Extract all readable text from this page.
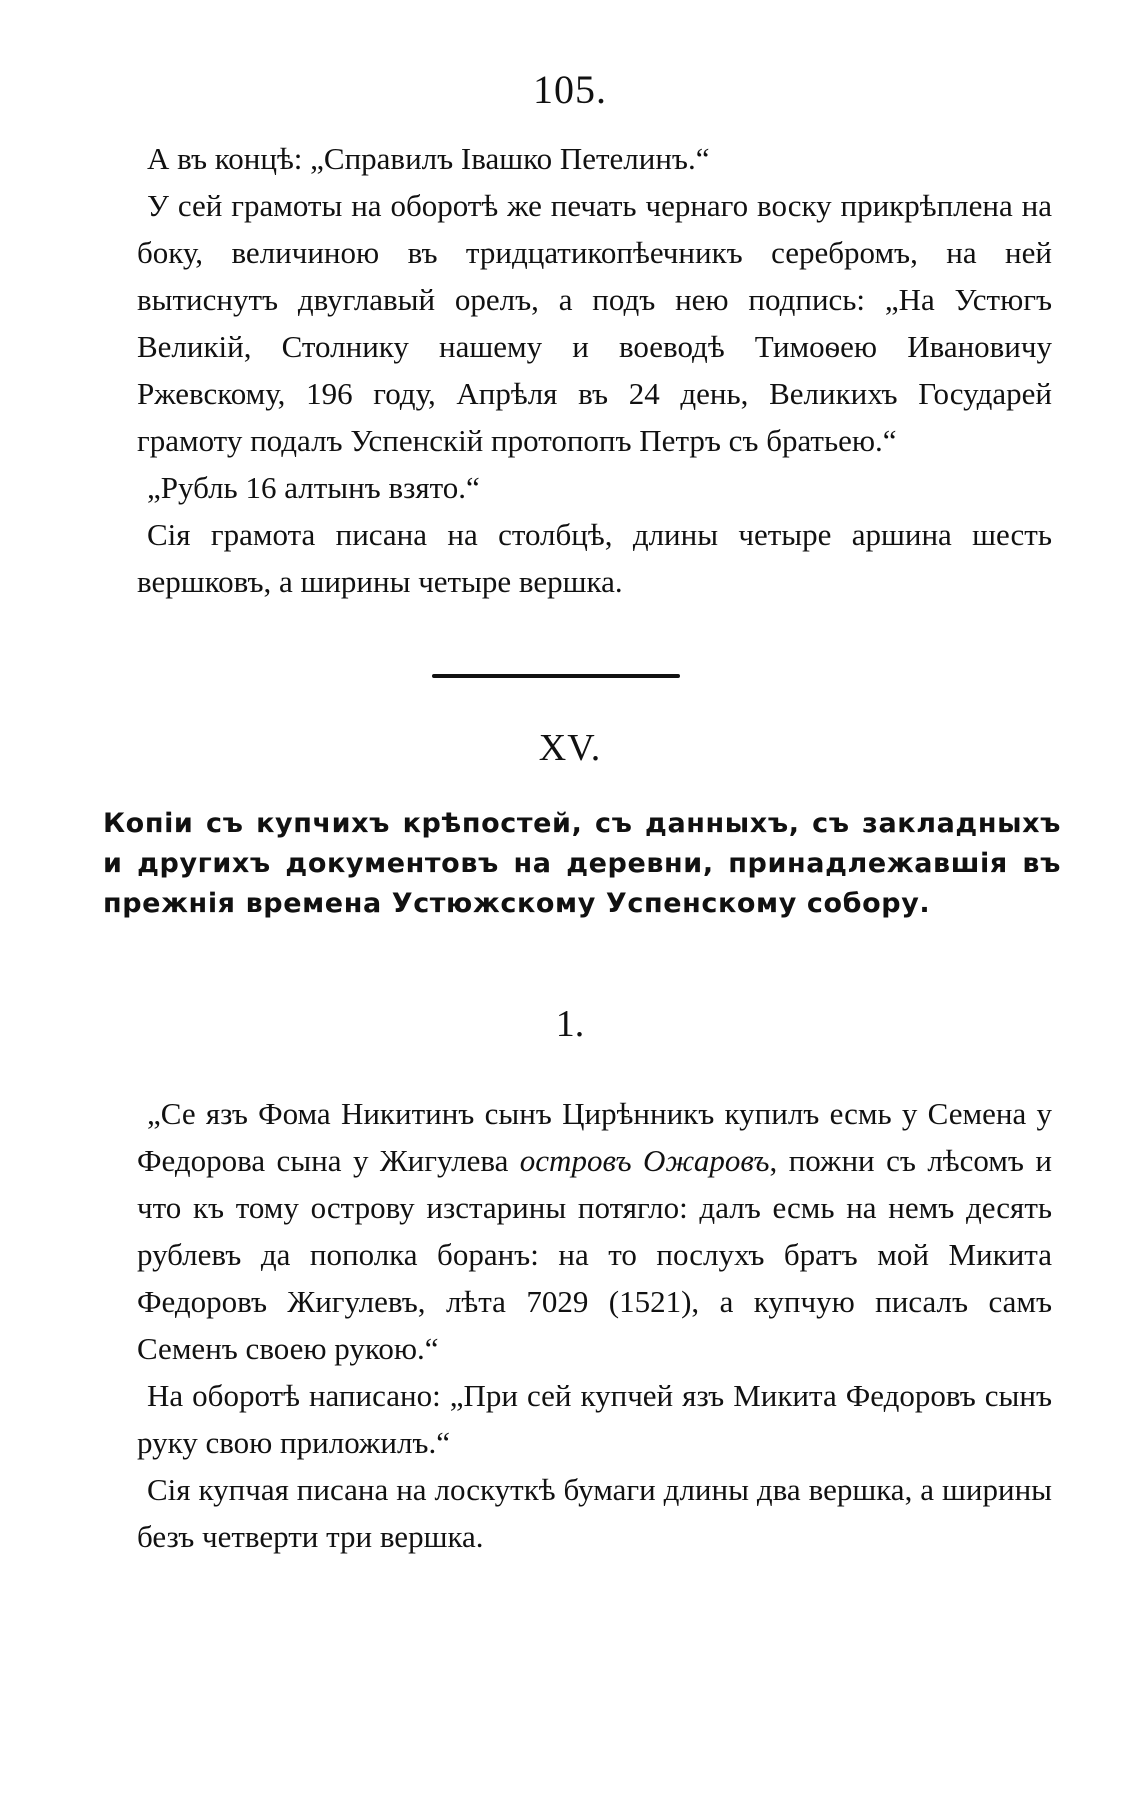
105.

А въ концѣ: „Справилъ Івашко Петелинъ.“

У сей грамоты на оборотѣ же печать чернаго воску прикрѣплена на боку, величиною въ тридцатикопѣечникъ серебромъ, на ней вытиснутъ двуглавый орелъ, а подъ нею подпись: „На Устюгъ Великій, Столнику нашему и воеводѣ Тимоѳею Ивановичу Ржевскому, 196 году, Апрѣля въ 24 день, Великихъ Государей грамоту подалъ Успенскій протопопъ Петръ съ братьею.“

„Рубль 16 алтынъ взято.“

Сія грамота писана на столбцѣ, длины четыре аршина шесть вершковъ, а ширины четыре вершка.

XV.
Копіи съ купчихъ крѣпостей, съ данныхъ, съ закладныхъ и другихъ документовъ на деревни, принадлежавшія въ прежнія времена Устюжскому Успенскому собору.
1.

„Се язъ Фома Никитинъ сынъ Цирѣнникъ купилъ есмь у Семена у Федорова сына у Жигулева островъ Ожаровъ, пожни съ лѣсомъ и что къ тому острову изстарины потягло: далъ есмь на немъ десять рублевъ да пополка боранъ: на то послухъ братъ мой Микита Федоровъ Жигулевъ, лѣта 7029 (1521), а купчую писалъ самъ Семенъ своею рукою.“

На оборотѣ написано: „При сей купчей язъ Микита Федоровъ сынъ руку свою приложилъ.“

Сія купчая писана на лоскуткѣ бумаги длины два вершка, а ширины безъ четверти три вершка.
